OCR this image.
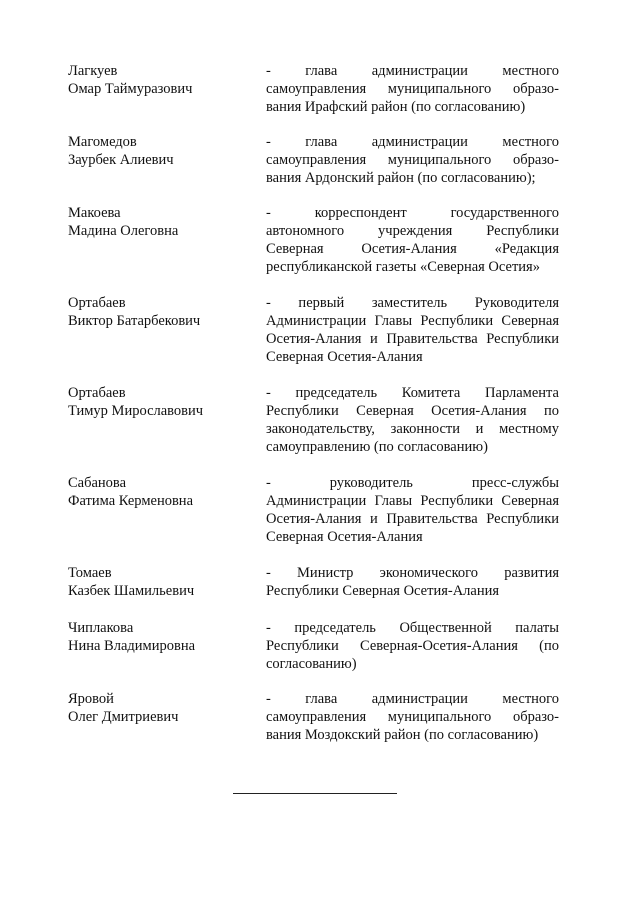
Лагкуев
Омар Таймуразович
- глава администрации местного
самоуправления муниципального образо-
вания Ирафский район (по согласованию)
Магомедов
Заурбек Алиевич
- глава администрации местного
самоуправления муниципального образо-
вания Ардонский район (по согласованию);
Макоева
Мадина Олеговна
- корреспондент государственного
автономного учреждения Республики
Северная Осетия-Алания «Редакция
республиканской газеты «Северная Осетия»
Ортабаев
Виктор Батарбекович
- первый заместитель Руководителя
Администрации Главы Республики Северная
Осетия-Алания и Правительства Республики
Северная Осетия-Алания
Ортабаев
Тимур Мирославович
- председатель Комитета Парламента
Республики Северная Осетия-Алания по
законодательству, законности и местному
самоуправлению (по согласованию)
Сабанова
Фатима Керменовна
- руководитель пресс-службы
Администрации Главы Республики Северная
Осетия-Алания и Правительства Республики
Северная Осетия-Алания
Томаев
Казбек Шамильевич
- Министр экономического развития
Республики Северная Осетия-Алания
Чиплакова
Нина Владимировна
- председатель Общественной палаты
Республики Северная-Осетия-Алания (по
согласованию)
Яровой
Олег Дмитриевич
- глава администрации местного
самоуправления муниципального образо-
вания Моздокский район (по согласованию)
